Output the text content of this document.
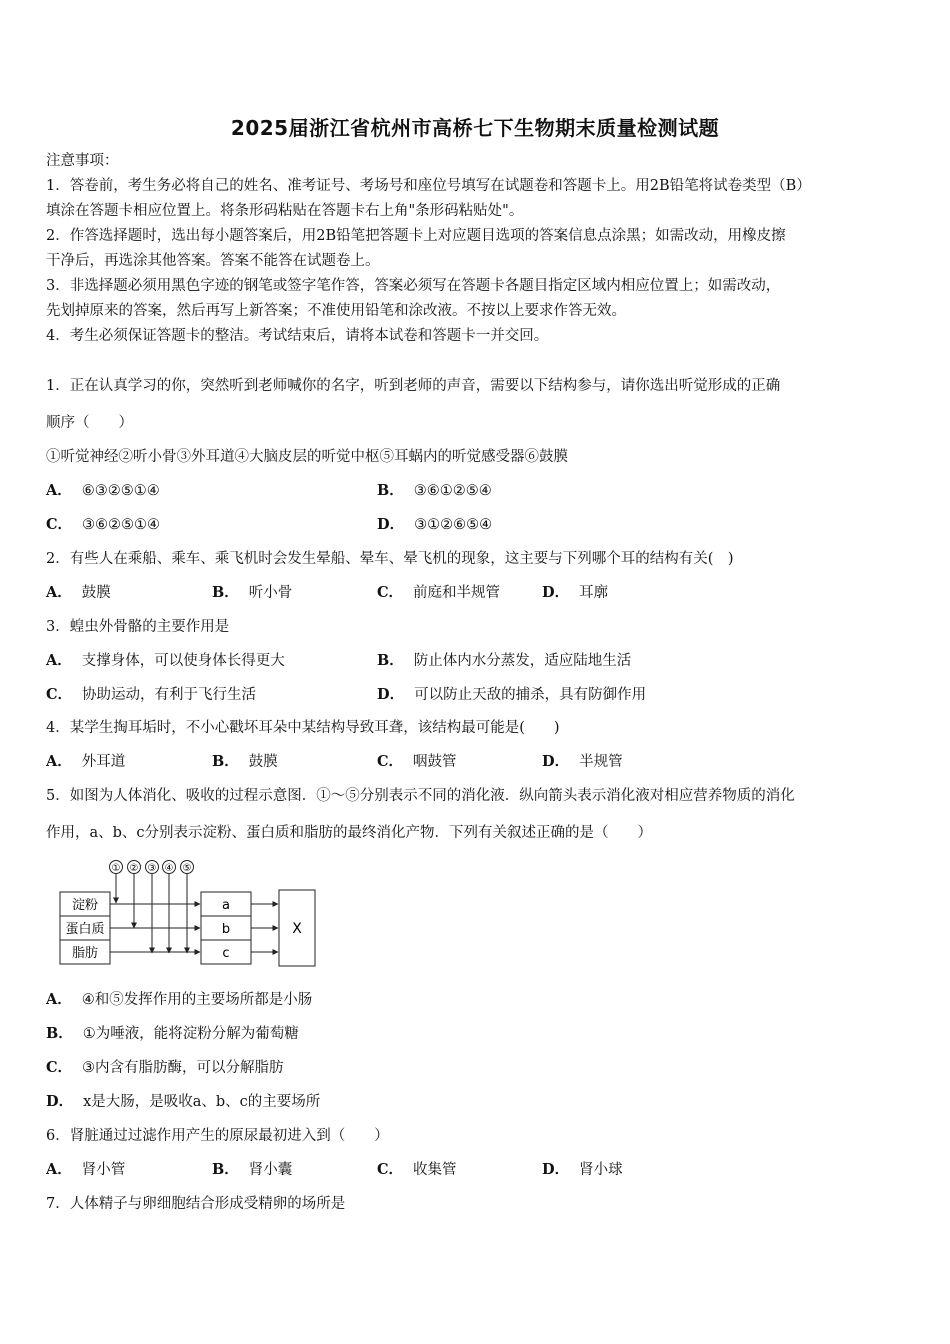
2025届浙江省杭州市高桥七下生物期末质量检测试题
注意事项：
1．答卷前，考生务必将自己的姓名、准考证号、考场号和座位号填写在试题卷和答题卡上。用2B铅笔将试卷类型（B）
填涂在答题卡相应位置上。将条形码粘贴在答题卡右上角"条形码粘贴处"。
2．作答选择题时，选出每小题答案后，用2B铅笔把答题卡上对应题目选项的答案信息点涂黑；如需改动，用橡皮擦
干净后，再选涂其他答案。答案不能答在试题卷上。
3．非选择题必须用黑色字迹的钢笔或签字笔作答，答案必须写在答题卡各题目指定区域内相应位置上；如需改动，
先划掉原来的答案，然后再写上新答案；不准使用铅笔和涂改液。不按以上要求作答无效。
4．考生必须保证答题卡的整洁。考试结束后，请将本试卷和答题卡一并交回。
1．正在认真学习的你，突然听到老师喊你的名字，听到老师的声音，需要以下结构参与，请你选出听觉形成的正确
顺序（　　）
①听觉神经②听小骨③外耳道④大脑皮层的听觉中枢⑤耳蜗内的听觉感受器⑥鼓膜
A． ⑥③②⑤①④	B． ③⑥①②⑤④
C． ③⑥②⑤①④	D． ③①②⑥⑤④
2．有些人在乘船、乘车、乘飞机时会发生晕船、晕车、晕飞机的现象，这主要与下列哪个耳的结构有关(　)
A． 鼓膜	B． 听小骨	C． 前庭和半规管	D． 耳廓
3．蝗虫外骨骼的主要作用是
A． 支撑身体，可以使身体长得更大	B． 防止体内水分蒸发，适应陆地生活
C． 协助运动，有利于飞行生活	D． 可以防止天敌的捕杀，具有防御作用
4．某学生掏耳垢时，不小心戳坏耳朵中某结构导致耳聋，该结构最可能是(　　)
A． 外耳道	B． 鼓膜	C． 咽鼓管	D． 半规管
5．如图为人体消化、吸收的过程示意图．①～⑤分别表示不同的消化液．纵向箭头表示消化液对相应营养物质的消化
作用，a、b、c分别表示淀粉、蛋白质和脂肪的最终消化产物．下列有关叙述正确的是（　　）
① ② ③ ④ ⑤
淀粉
蛋白质
脂肪
a
b
c
X
A． ④和⑤发挥作用的主要场所都是小肠
B． ①为唾液，能将淀粉分解为葡萄糖
C． ③内含有脂肪酶，可以分解脂肪
D． x是大肠，是吸收a、b、c的主要场所
6．肾脏通过过滤作用产生的原尿最初进入到（　　）
A． 肾小管	B． 肾小囊	C． 收集管	D． 肾小球
7．人体精子与卵细胞结合形成受精卵的场所是
